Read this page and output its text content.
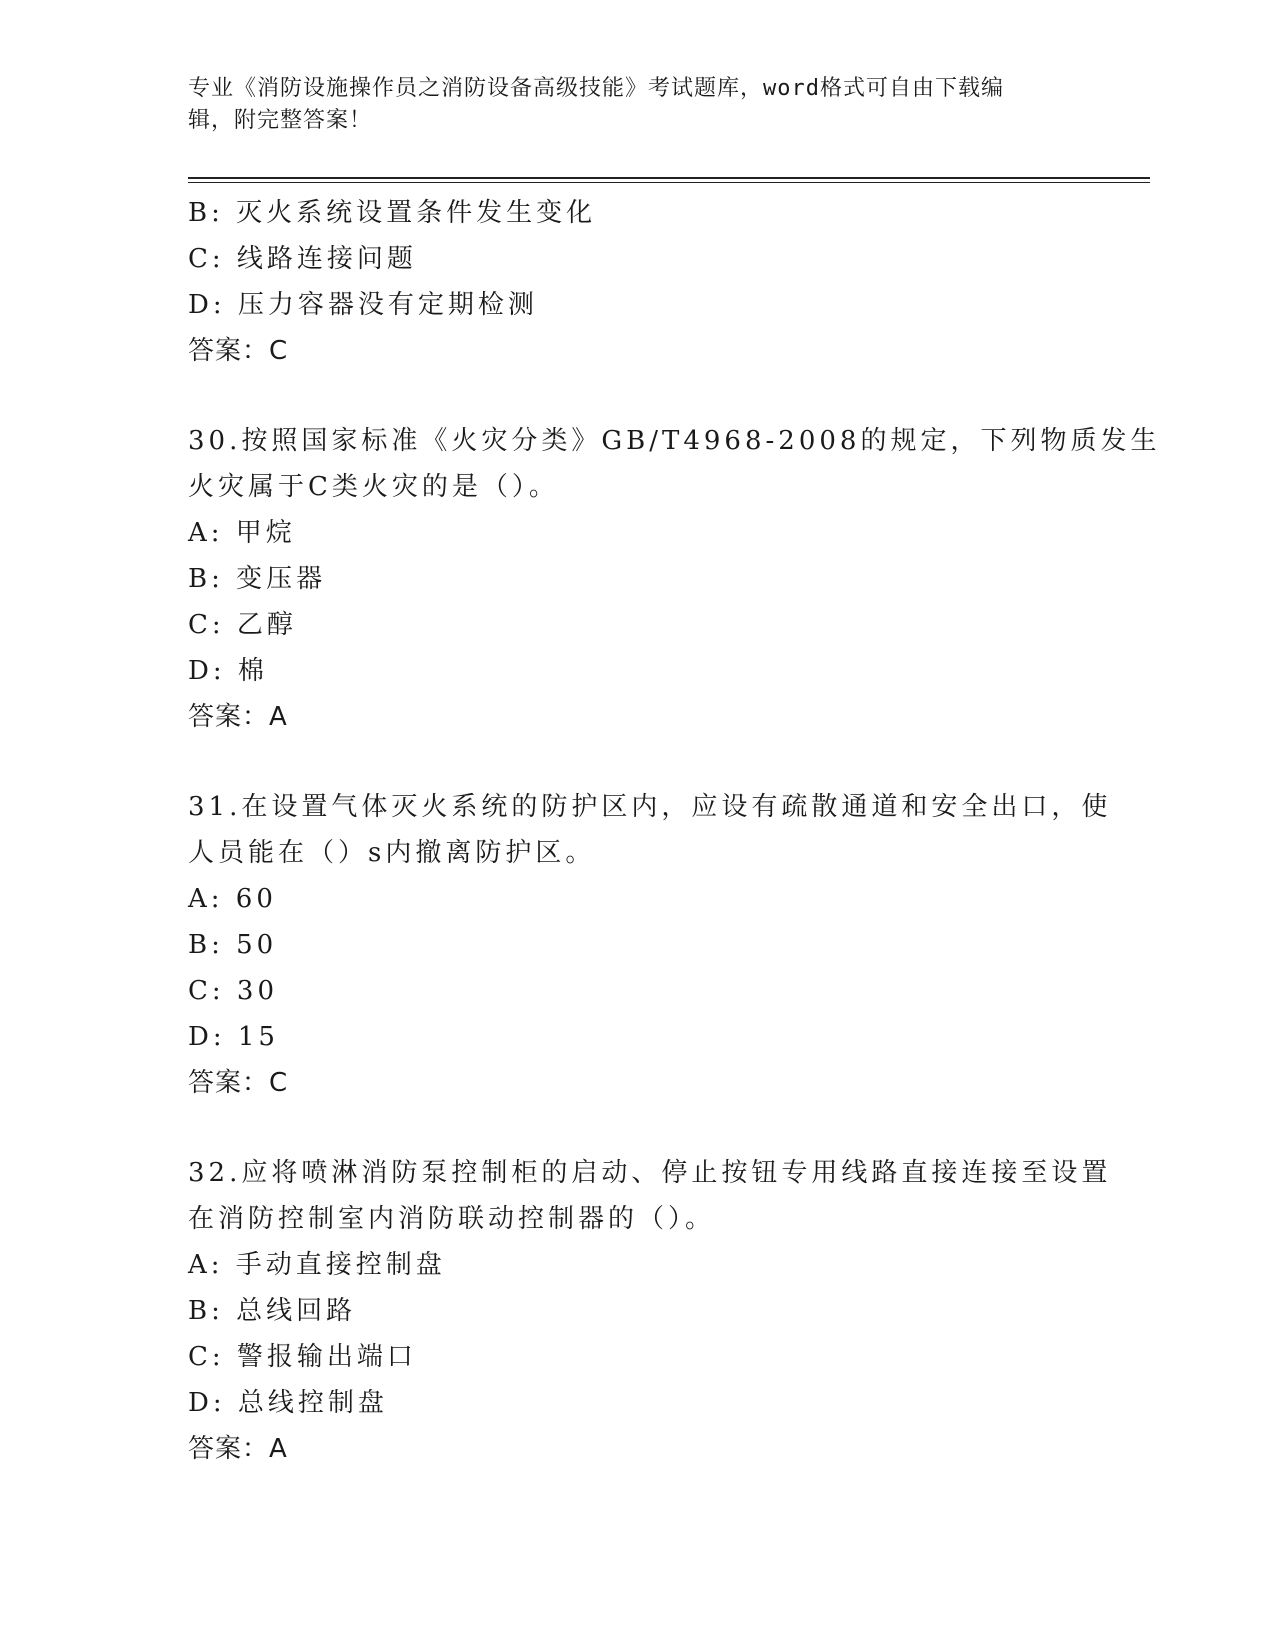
专业《消防设施操作员之消防设备高级技能》考试题库，word格式可自由下载编
辑，附完整答案！
B: 灭火系统设置条件发生变化
C: 线路连接问题
D: 压力容器没有定期检测
答案：C
30.按照国家标准《火灾分类》GB/T4968-2008的规定，下列物质发生
火灾属于C类火灾的是（）。
A: 甲烷
B: 变压器
C: 乙醇
D: 棉
答案：A
31.在设置气体灭火系统的防护区内，应设有疏散通道和安全出口，使
人员能在（）s内撤离防护区。
A: 60
B: 50
C: 30
D: 15
答案：C
32.应将喷淋消防泵控制柜的启动、停止按钮专用线路直接连接至设置
在消防控制室内消防联动控制器的（）。
A: 手动直接控制盘
B: 总线回路
C: 警报输出端口
D: 总线控制盘
答案：A
